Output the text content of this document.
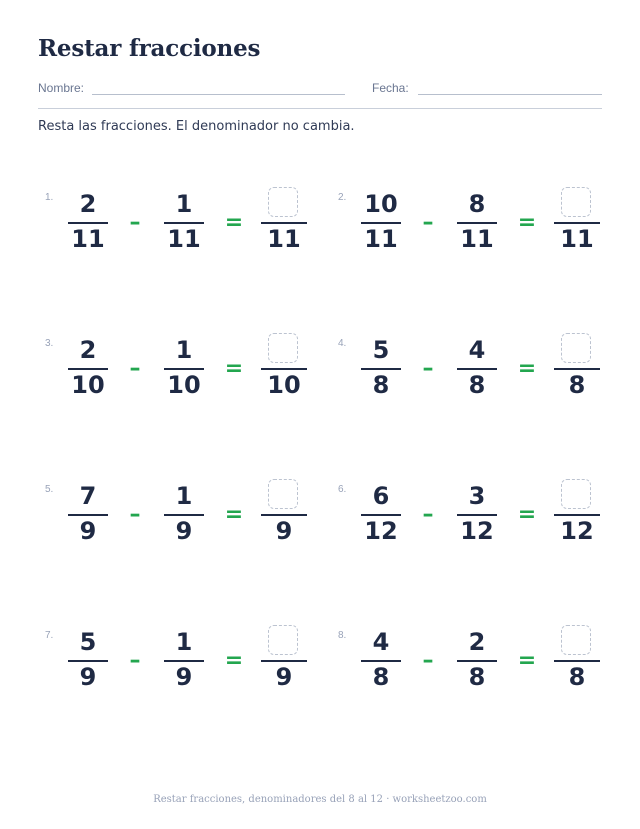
Restar fracciones
Nombre:	Fecha:
Resta las fracciones. El denominador no cambia.
1.	2
11
–
1
11
=
11
2. 10
11
–
8
11
=
11
3.	2
10
–
1
10
=
10
4.	5
8
–
4
8
=
8
5.	7
9
–
1
9
=
9
6.	6
12
–
3
12
=
12
7.	5
9
–
1
9
=
9
8.	4
8
–
2
8
=
8
Restar fracciones, denominadores del 8 al 12 · worksheetzoo.com
